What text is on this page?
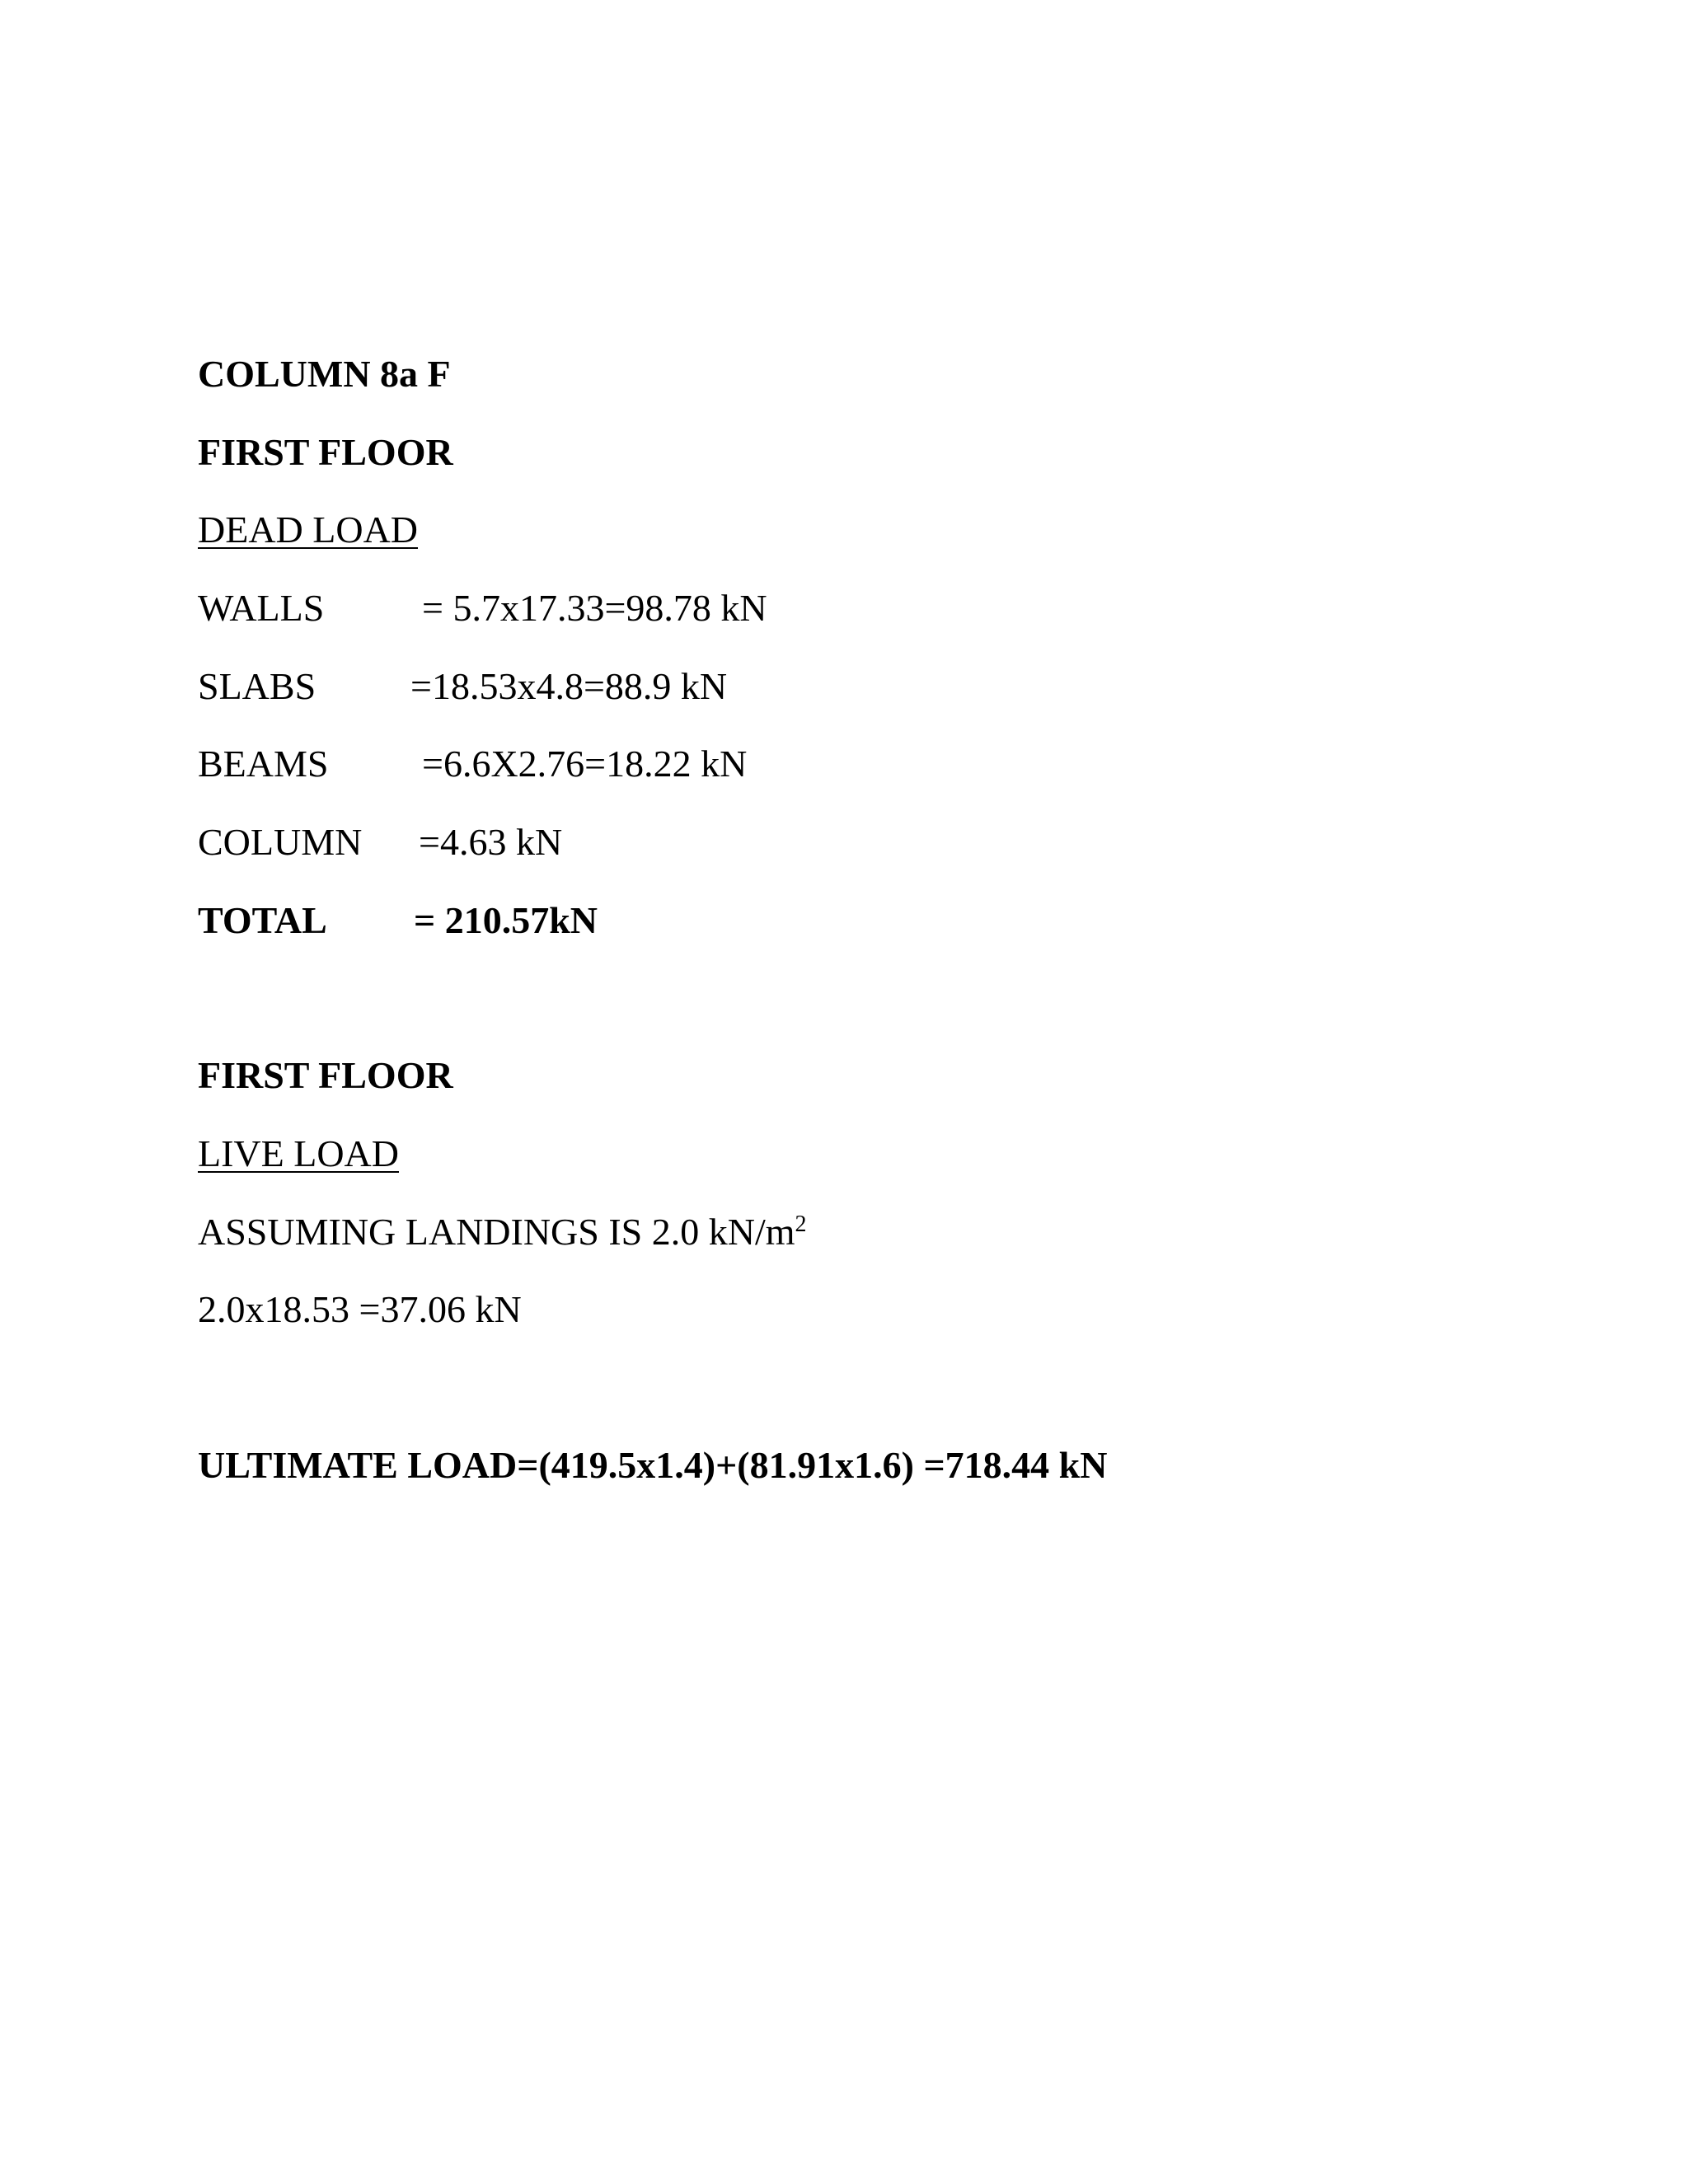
COLUMN 8a F
FIRST FLOOR
DEAD LOAD
WALLS	= 5.7x17.33=98.78 kN
SLABS =18.53x4.8=88.9 kN
BEAMS =6.6X2.76=18.22 kN
COLUMN =4.63 kN
TOTAL = 210.57kN
FIRST FLOOR
LIVE LOAD
ASSUMING LANDINGS IS 2.0 $kN/m^2$
2.0x18.53 =37.06 kN
ULTIMATE LOAD=(419.5x1.4)+(81.91x1.6) =718.44 kN
